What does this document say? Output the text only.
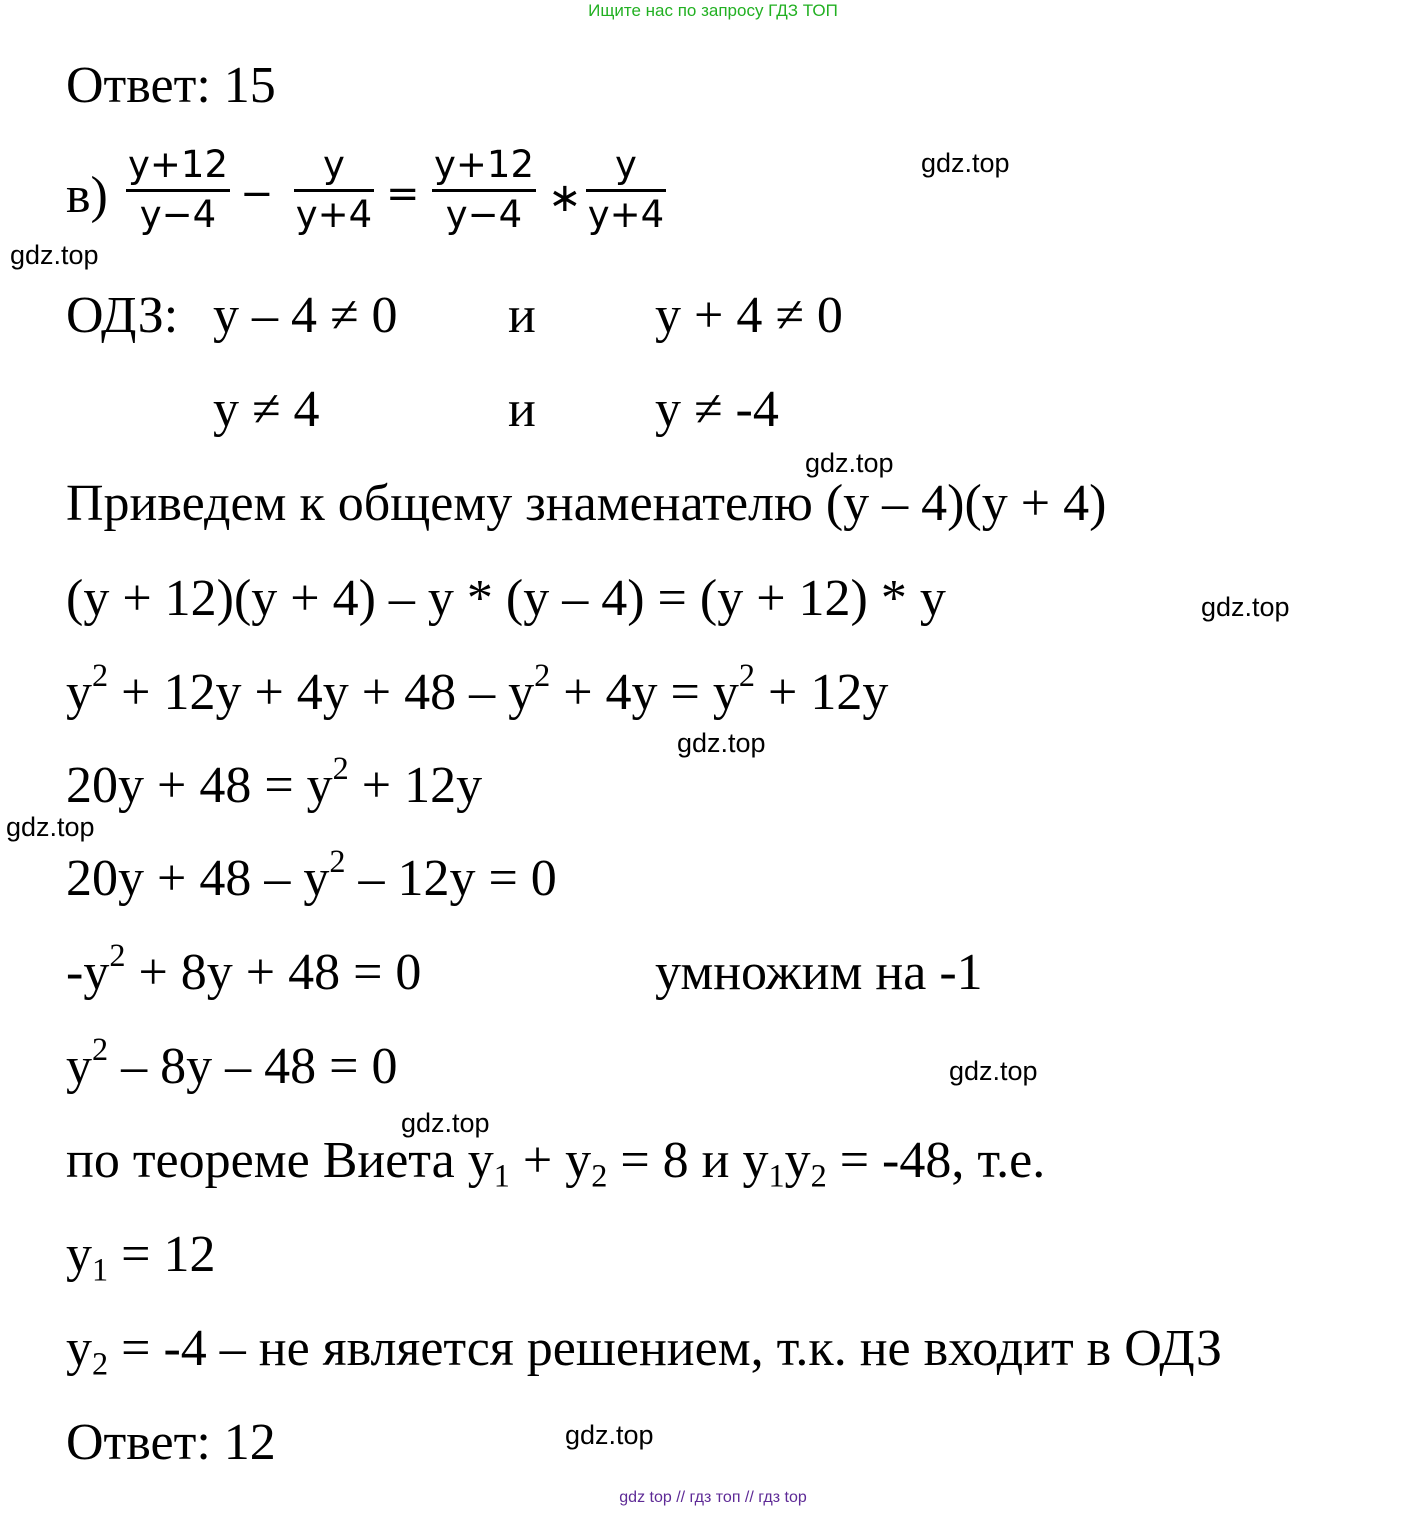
Ищите нас по запросу ГДЗ ТОП
gdz.top
gdz.top
gdz.top
gdz.top
gdz.top
gdz.top
gdz.top
gdz.top
gdz.top
Ответ: 15
в)
y+12
y−4 −
y
y+4 =
y+12
y−4 ∗
y
y+4
ОДЗ: y – 4 ≠ 0 и y + 4 ≠ 0
y ≠ 4	и y ≠ -4
Приведем к общему знаменателю (y – 4)(y + 4)
(y + 12)(y + 4) – y * (y – 4) = (y + 12) * y
$y^2 + 12y + 4y + 48 - y^2 + 4y = y^2 + 12y$
$20y + 48 = y^2 + 12y$
$20y + 48 - y^2 - 12y = 0$
$-y^2 + 8y + 48 = 0$	умножим на -1
$y^2 - 8y - 48 = 0$
по теореме Виета $y_1 + y_2 = 8$ и $y_1y_2 = -48$, т.е.
$y_1 = 12$
$y_2 = -4$ – не является решением, т.к. не входит в ОДЗ
Ответ: 12
gdz top // гдз топ // гдз top
